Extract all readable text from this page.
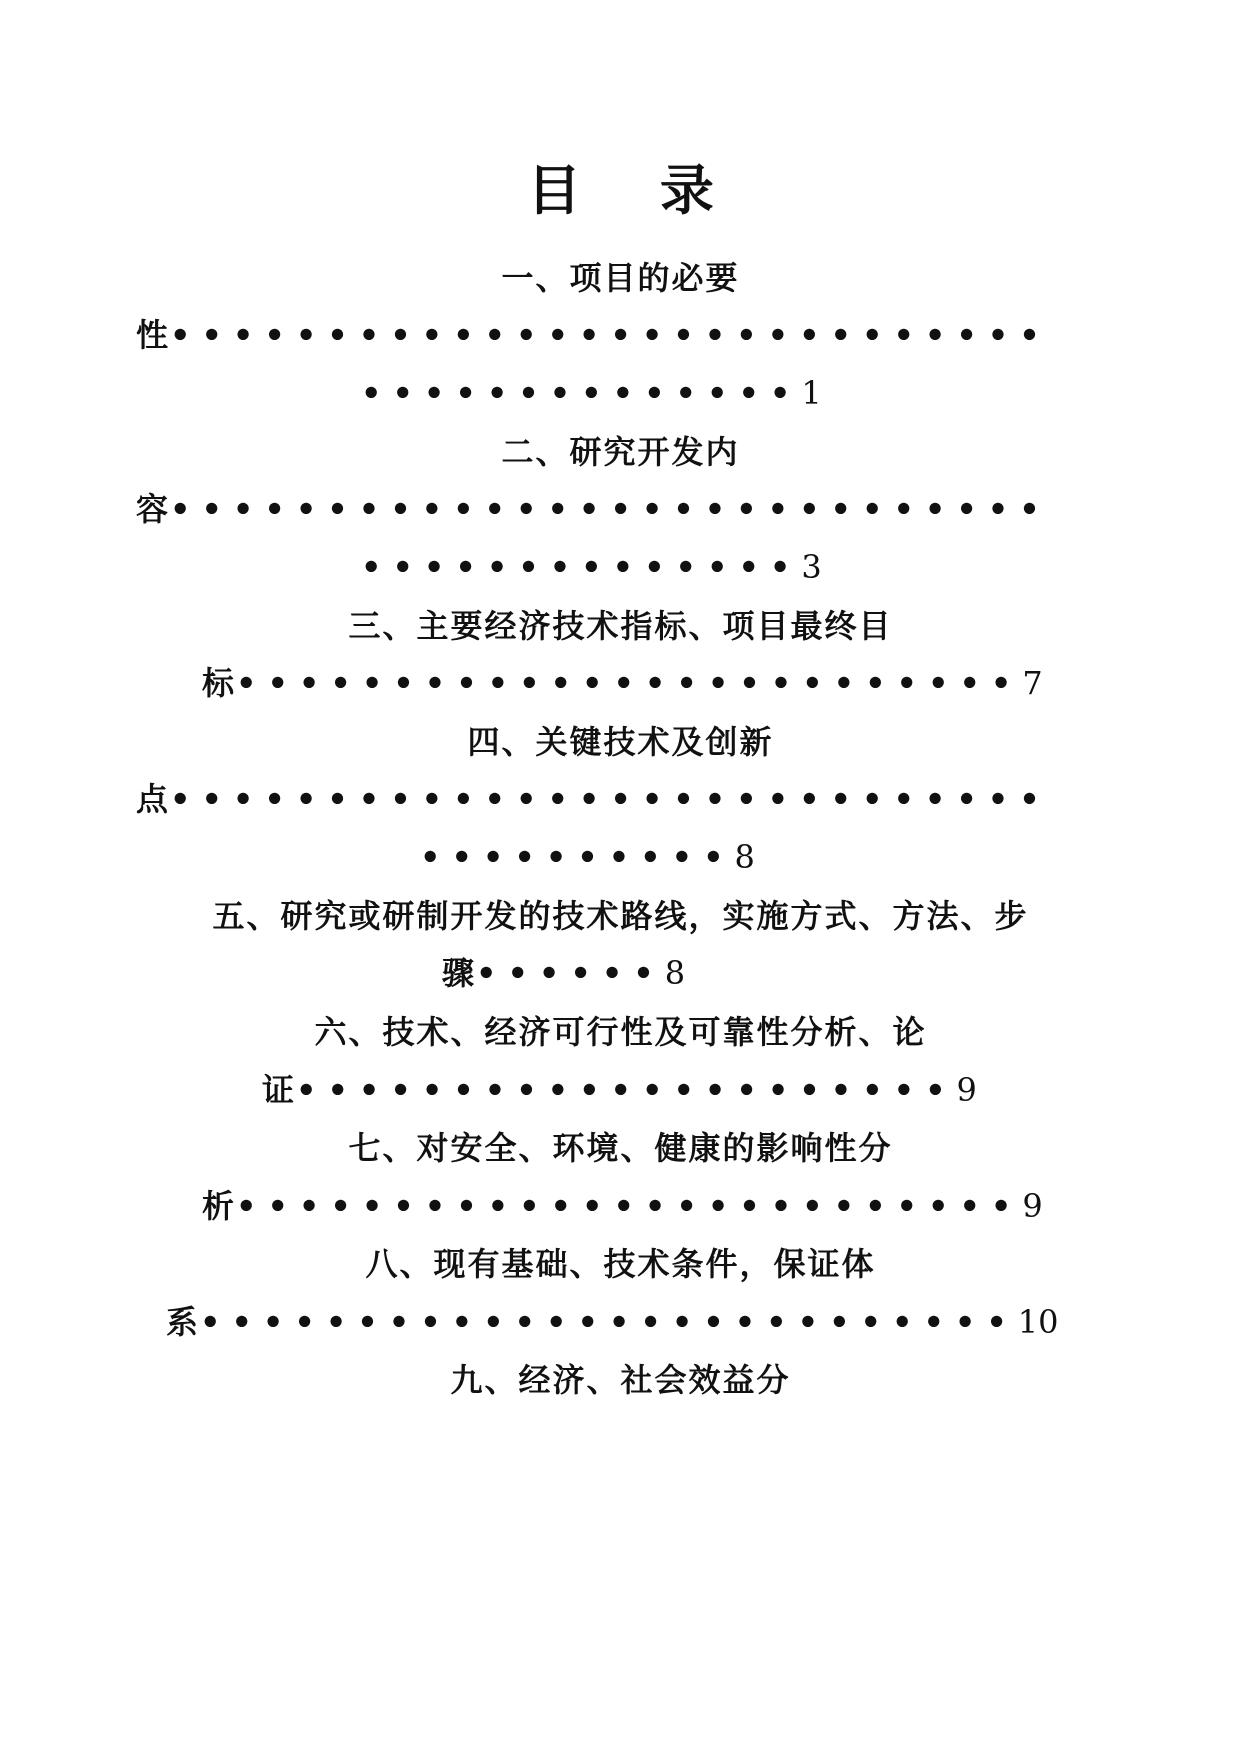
目 录
一、项目的必要
性••••••••••••••••••••••••••••
••••••••••••••1
二、研究开发内
容••••••••••••••••••••••••••••
••••••••••••••3
三、主要经济技术指标、项目最终目
标•••••••••••••••••••••••••7
四、关键技术及创新
点••••••••••••••••••••••••••••
••••••••••8
五、研究或研制开发的技术路线，实施方式、方法、步
骤••••••8
六、技术、经济可行性及可靠性分析、论
证•••••••••••••••••••••9
七、对安全、环境、健康的影响性分
析•••••••••••••••••••••••••9
八、现有基础、技术条件，保证体
系••••••••••••••••••••••••••10
九、经济、社会效益分
